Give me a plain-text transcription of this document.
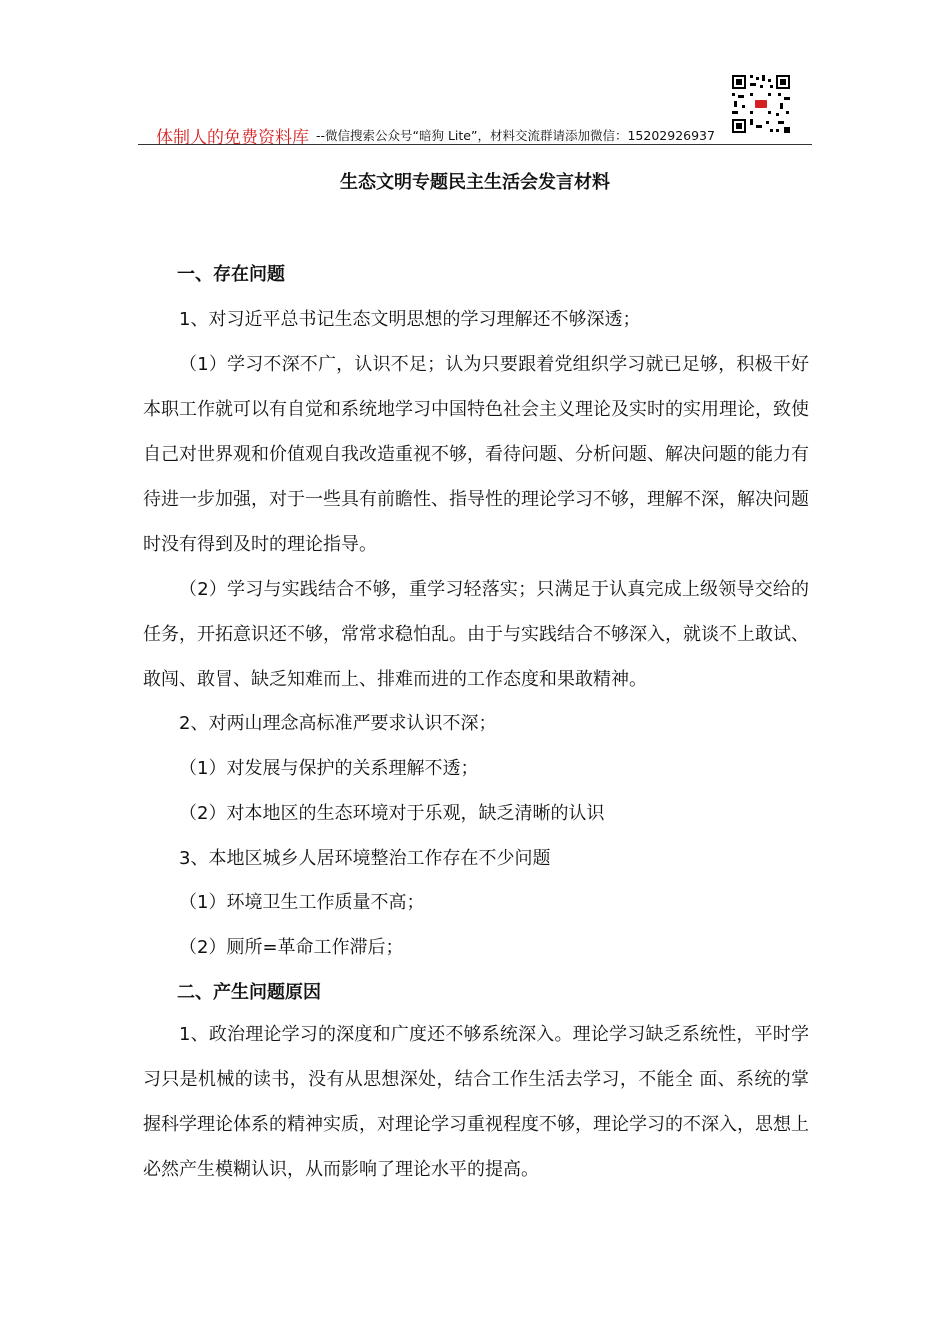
体制人的免费资料库 --微信搜索公众号“暗狗 Lite”，材料交流群请添加微信：15202926937
生态文明专题民主生活会发言材料
一、存在问题
1、对习近平总书记生态文明思想的学习理解还不够深透；
（1）学习不深不广，认识不足；认为只要跟着党组织学习就已足够，积极干好本职工作就可以有自觉和系统地学习中国特色社会主义理论及实时的实用理论，致使自己对世界观和价值观自我改造重视不够，看待问题、分析问题、解决问题的能力有待进一步加强，对于一些具有前瞻性、指导性的理论学习不够，理解不深，解决问题时没有得到及时的理论指导。
（2）学习与实践结合不够，重学习轻落实；只满足于认真完成上级领导交给的任务，开拓意识还不够，常常求稳怕乱。由于与实践结合不够深入，就谈不上敢试、敢闯、敢冒、缺乏知难而上、排难而进的工作态度和果敢精神。
2、对两山理念高标准严要求认识不深；
（1）对发展与保护的关系理解不透；
（2）对本地区的生态环境对于乐观，缺乏清晰的认识
3、本地区城乡人居环境整治工作存在不少问题
（1）环境卫生工作质量不高；
（2）厕所=革命工作滞后；
二、产生问题原因
1、政治理论学习的深度和广度还不够系统深入。理论学习缺乏系统性，平时学习只是机械的读书，没有从思想深处，结合工作生活去学习，不能全 面、系统的掌握科学理论体系的精神实质，对理论学习重视程度不够，理论学习的不深入，思想上必然产生模糊认识，从而影响了理论水平的提高。
